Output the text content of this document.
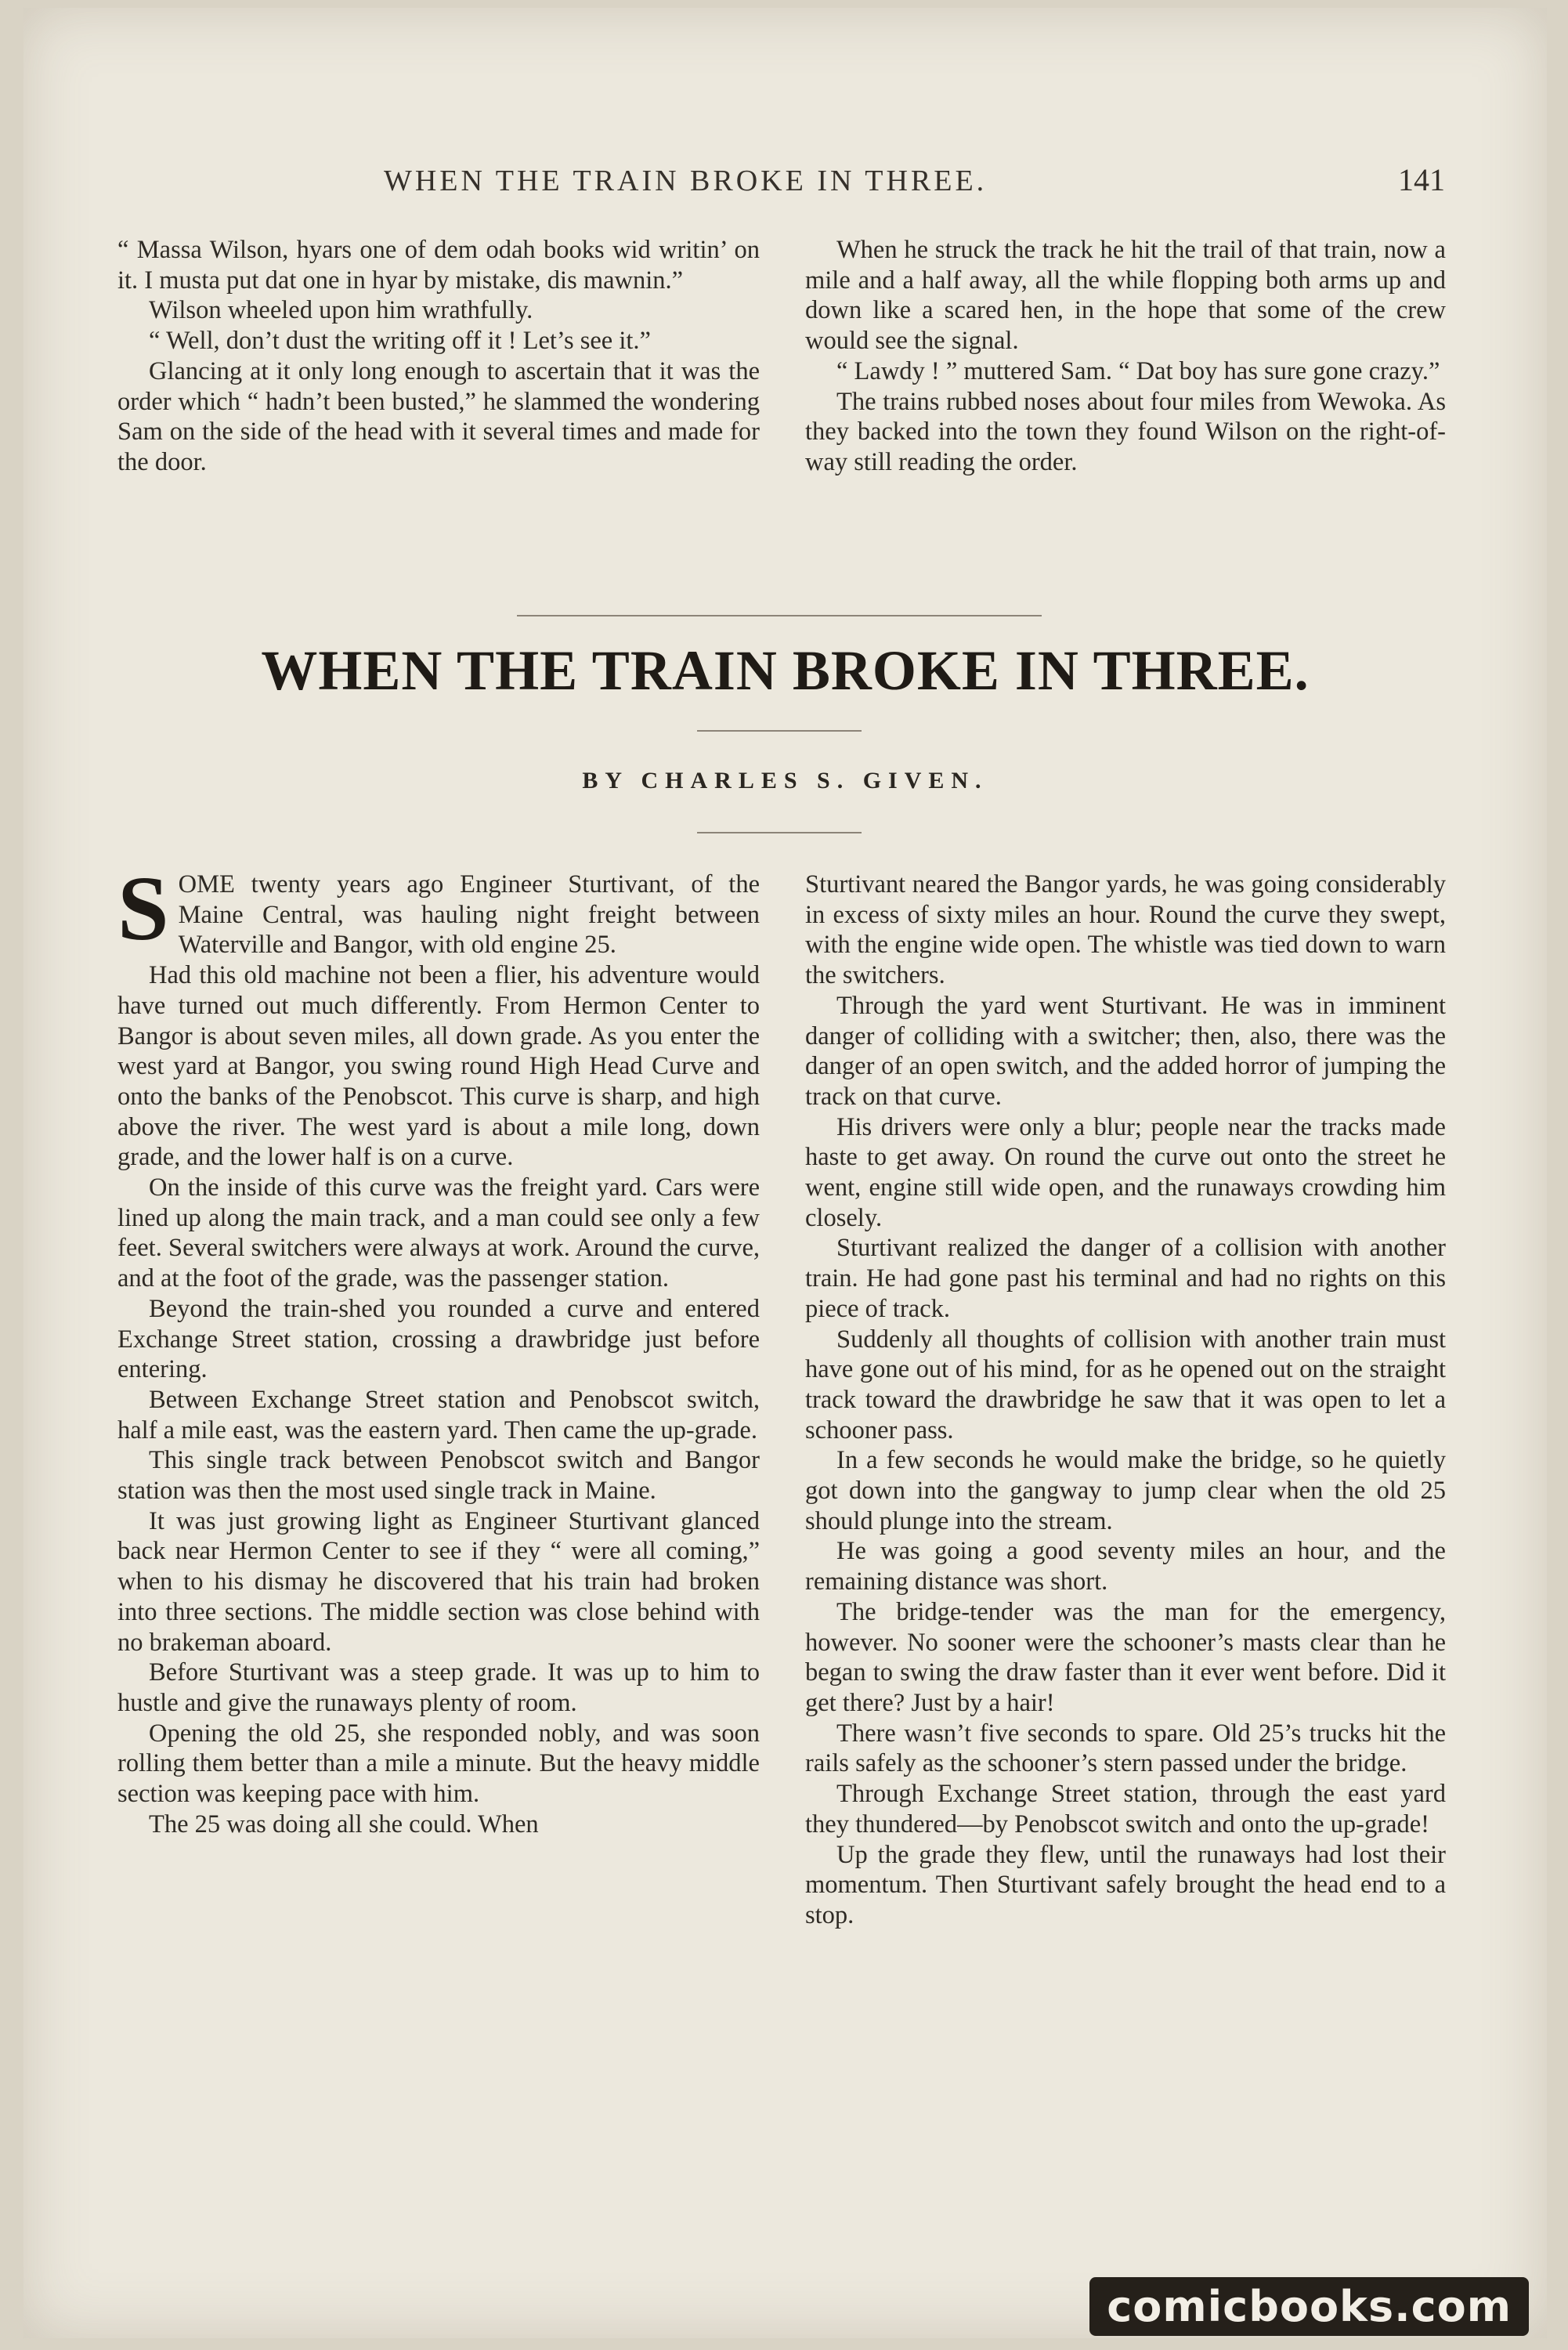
WHEN THE TRAIN BROKE IN THREE.	141

“ Massa Wilson, hyars one of dem odah books wid writin’ on it. I musta put dat one in hyar by mistake, dis mawnin.”

Wilson wheeled upon him wrathfully.

“ Well, don’t dust the writing off it ! Let’s see it.”

Glancing at it only long enough to ascertain that it was the order which “ hadn’t been busted,” he slammed the wondering Sam on the side of the head with it several times and made for the door.

When he struck the track he hit the trail of that train, now a mile and a half away, all the while flopping both arms up and down like a scared hen, in the hope that some of the crew would see the signal.

“ Lawdy ! ” muttered Sam. “ Dat boy has sure gone crazy.”

The trains rubbed noses about four miles from Wewoka. As they backed into the town they found Wilson on the right-of-way still reading the order.

WHEN THE TRAIN BROKE IN THREE.
BY CHARLES S. GIVEN.

SOME twenty years ago Engineer Sturtivant, of the Maine Central, was hauling night freight between Waterville and Bangor, with old engine 25.

Had this old machine not been a flier, his adventure would have turned out much differently. From Hermon Center to Bangor is about seven miles, all down grade. As you enter the west yard at Bangor, you swing round High Head Curve and onto the banks of the Penobscot. This curve is sharp, and high above the river. The west yard is about a mile long, down grade, and the lower half is on a curve.

On the inside of this curve was the freight yard. Cars were lined up along the main track, and a man could see only a few feet. Several switchers were always at work. Around the curve, and at the foot of the grade, was the passenger station.

Beyond the train-shed you rounded a curve and entered Exchange Street station, crossing a drawbridge just before entering.

Between Exchange Street station and Penobscot switch, half a mile east, was the eastern yard. Then came the up-grade.

This single track between Penobscot switch and Bangor station was then the most used single track in Maine.

It was just growing light as Engineer Sturtivant glanced back near Hermon Center to see if they “ were all coming,” when to his dismay he discovered that his train had broken into three sections. The middle section was close behind with no brakeman aboard.

Before Sturtivant was a steep grade. It was up to him to hustle and give the runaways plenty of room.

Opening the old 25, she responded nobly, and was soon rolling them better than a mile a minute. But the heavy middle section was keeping pace with him.

The 25 was doing all she could. When

Sturtivant neared the Bangor yards, he was going considerably in excess of sixty miles an hour. Round the curve they swept, with the engine wide open. The whistle was tied down to warn the switchers.

Through the yard went Sturtivant. He was in imminent danger of colliding with a switcher; then, also, there was the danger of an open switch, and the added horror of jumping the track on that curve.

His drivers were only a blur; people near the tracks made haste to get away. On round the curve out onto the street he went, engine still wide open, and the runaways crowding him closely.

Sturtivant realized the danger of a collision with another train. He had gone past his terminal and had no rights on this piece of track.

Suddenly all thoughts of collision with another train must have gone out of his mind, for as he opened out on the straight track toward the drawbridge he saw that it was open to let a schooner pass.

In a few seconds he would make the bridge, so he quietly got down into the gangway to jump clear when the old 25 should plunge into the stream.

He was going a good seventy miles an hour, and the remaining distance was short.

The bridge-tender was the man for the emergency, however. No sooner were the schooner’s masts clear than he began to swing the draw faster than it ever went before. Did it get there? Just by a hair!

There wasn’t five seconds to spare. Old 25’s trucks hit the rails safely as the schooner’s stern passed under the bridge.

Through Exchange Street station, through the east yard they thundered—by Penobscot switch and onto the up-grade!

Up the grade they flew, until the runaways had lost their momentum. Then Sturtivant safely brought the head end to a stop.

comicbooks.com
